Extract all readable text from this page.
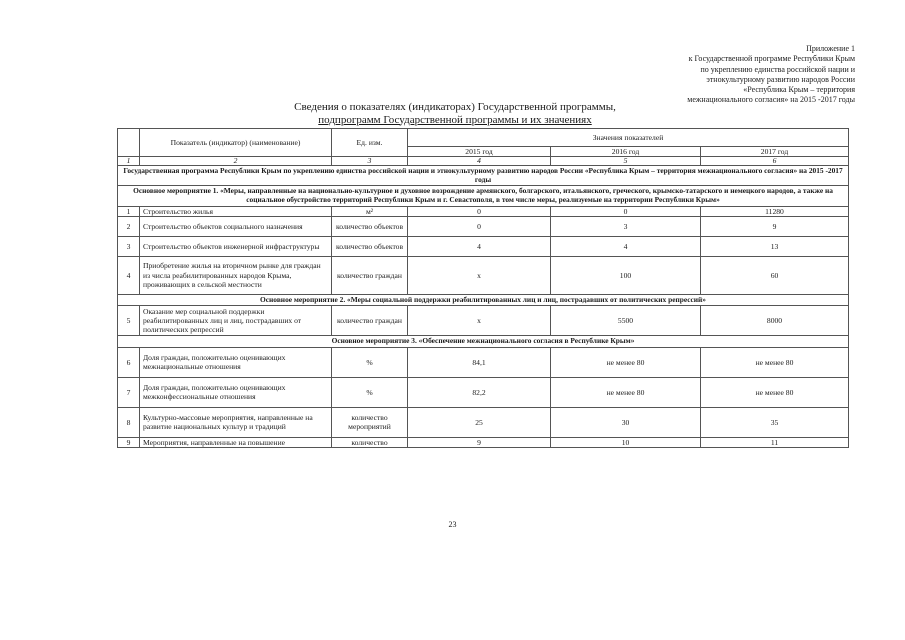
Приложение 1
к Государственной программе Республики Крым
по укреплению единства российской нации и
этнокультурному развитию народов России
«Республика Крым – территория
межнационального согласия» на 2015 -2017 годы
Сведения о показателях (индикаторах) Государственной программы,
подпрограмм Государственной программы и их значениях
	Показатель (индикатор) (наименование)	Ед. изм.	Значения показателей		
			2015 год	2016 год	2017 год
1	2	3	4	5	6
Государственная программа Республики Крым по укреплению единства российской нации и этнокультурному развитию народов России «Республика Крым – территория межнационального согласия» на 2015 -2017 годы					
Основное мероприятие 1. «Меры, направленные на национально-культурное и духовное возрождение армянского, болгарского, итальянского, греческого, крымско-татарского и немецкого народов, а также на социальное обустройство территорий Республики Крым и г. Севастополя, в том числе меры, реализуемые на территории Республики Крым»					
1	Строительство жилья	м²	0	0	11280
2	Строительство объектов социального назначения	количество объектов	0	3	9
3	Строительство объектов инженерной инфраструктуры	количество объектов	4	4	13
4	Приобретение жилья на вторичном рынке для граждан из числа реабилитированных народов Крыма, проживающих в сельской местности	количество граждан	х	100	60
Основное мероприятие 2. «Меры социальной поддержки реабилитированных лиц и лиц, пострадавших от политических репрессий»					
5	Оказание мер социальной поддержки реабилитированных лиц и лиц, пострадавших от политических репрессий	количество граждан	х	5500	8000
Основное мероприятие 3. «Обеспечение межнационального согласия в Республике Крым»					
6	Доля граждан, положительно оценивающих межнациональные отношения	%	84,1	не менее 80	не менее 80
7	Доля граждан, положительно оценивающих межконфессиональные отношения	%	82,2	не менее 80	не менее 80
8	Культурно-массовые мероприятия, направленные на развитие национальных культур и традиций	количество мероприятий	25	30	35
9	Мероприятия, направленные на повышение	количество	9	10	11
23
